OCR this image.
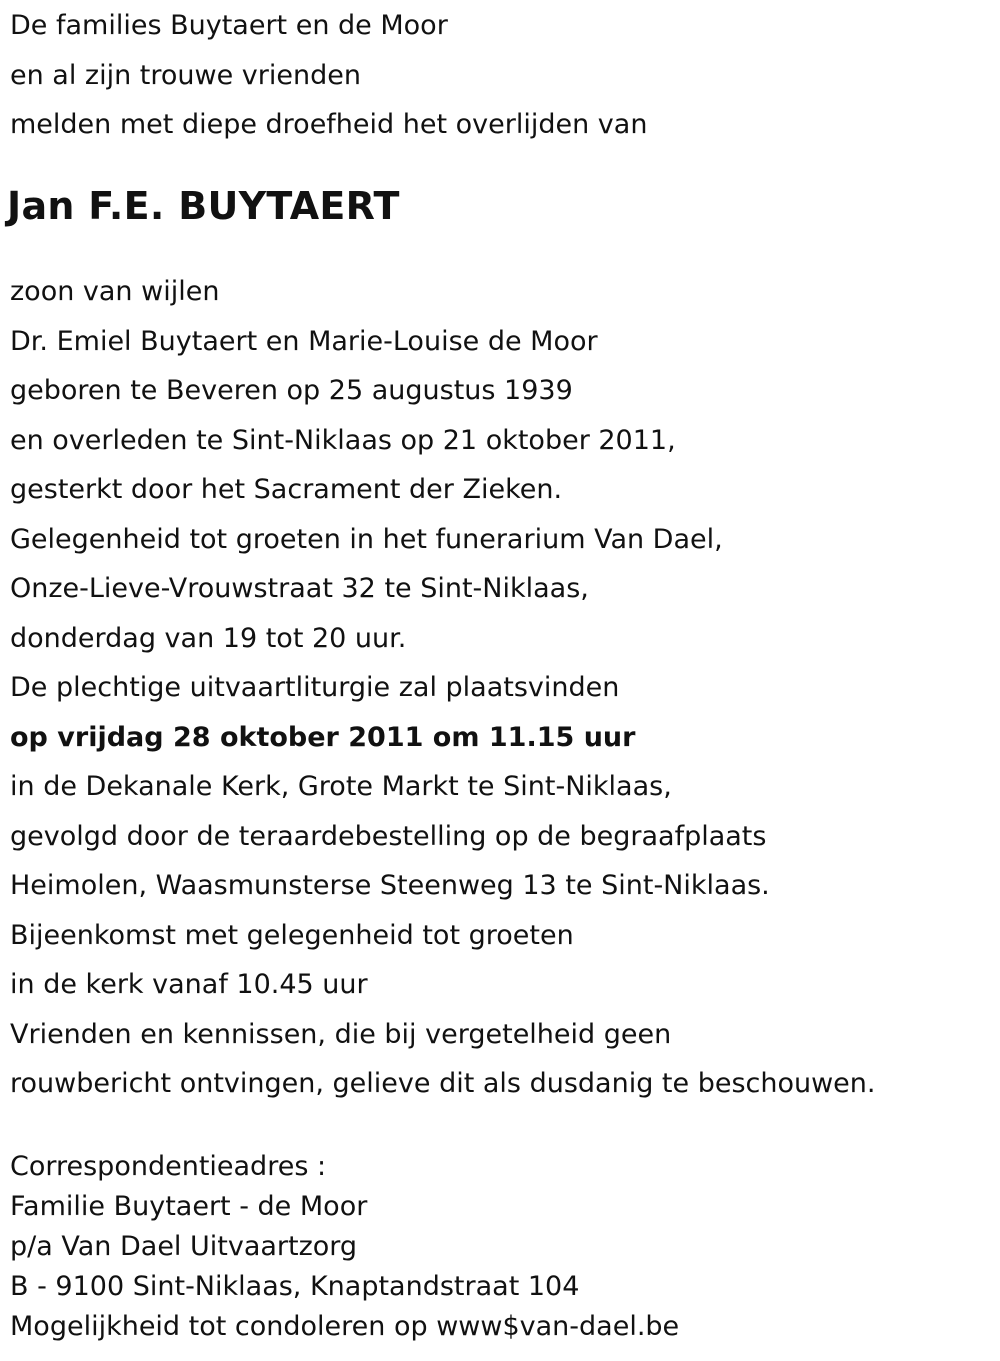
De families Buytaert en de Moor
en al zijn trouwe vrienden
melden met diepe droefheid het overlijden van
Jan F.E. BUYTAERT
zoon van wijlen
Dr. Emiel Buytaert en Marie-Louise de Moor
geboren te Beveren op 25 augustus 1939
en overleden te Sint-Niklaas op 21 oktober 2011,
gesterkt door het Sacrament der Zieken.
Gelegenheid tot groeten in het funerarium Van Dael,
Onze-Lieve-Vrouwstraat 32 te Sint-Niklaas,
donderdag van 19 tot 20 uur.
De plechtige uitvaartliturgie zal plaatsvinden
op vrijdag 28 oktober 2011 om 11.15 uur
in de Dekanale Kerk, Grote Markt te Sint-Niklaas,
gevolgd door de teraardebestelling op de begraafplaats
Heimolen, Waasmunsterse Steenweg 13 te Sint-Niklaas.
Bijeenkomst met gelegenheid tot groeten
in de kerk vanaf 10.45 uur
Vrienden en kennissen, die bij vergetelheid geen
rouwbericht ontvingen, gelieve dit als dusdanig te beschouwen.
Correspondentieadres :
Familie Buytaert - de Moor
p/a Van Dael Uitvaartzorg
B - 9100 Sint-Niklaas, Knaptandstraat 104
Mogelijkheid tot condoleren op www$van-dael.be
